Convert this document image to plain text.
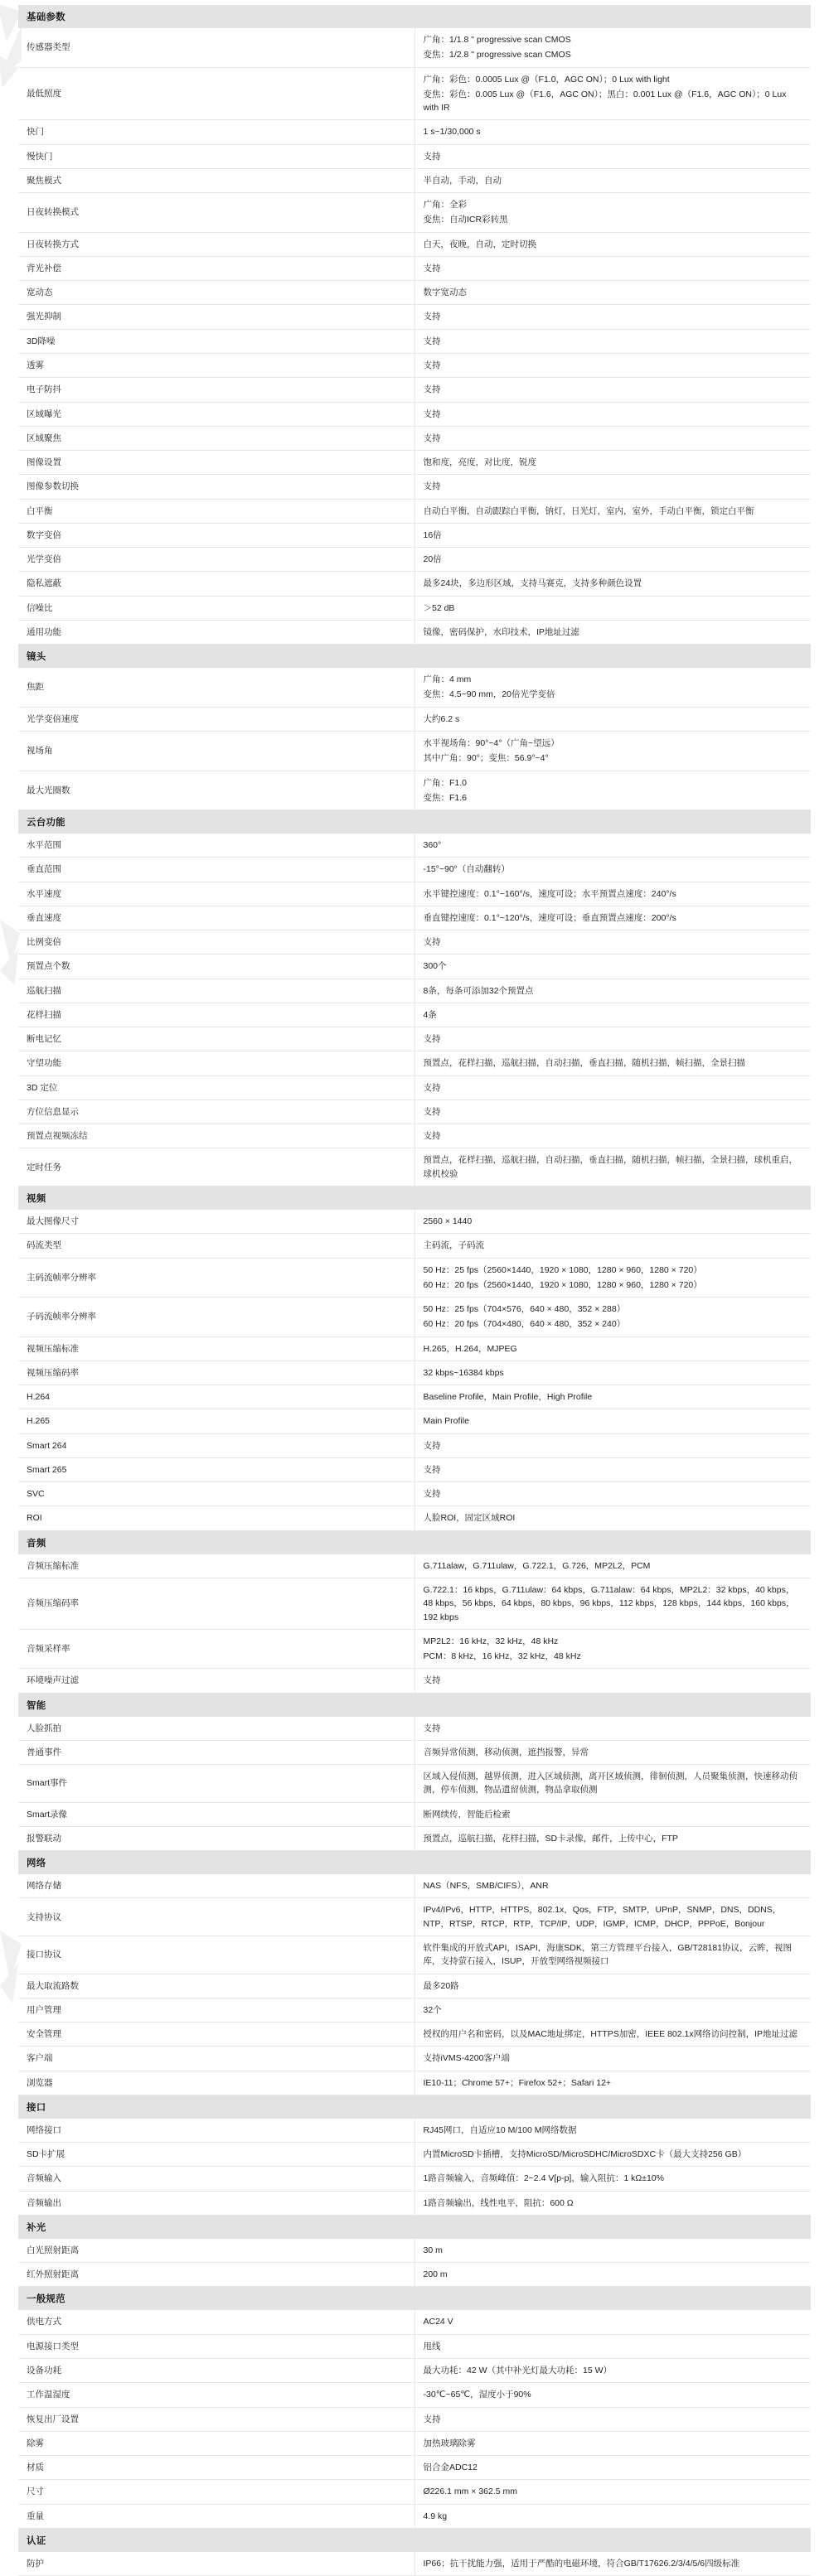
基础参数	
传感器类型	广角：1/1.8 " progressive scan CMOS
变焦：1/2.8 " progressive scan CMOS

最低照度	广角：彩色：0.0005 Lux @（F1.0，AGC ON）；0 Lux with light
变焦：彩色：0.005 Lux @（F1.6，AGC ON）；黑白：0.001 Lux @（F1.6，AGC ON）；0 Lux with IR

快门	1 s~1/30,000 s

慢快门	支持

聚焦模式	半自动，手动，自动

日夜转换模式	广角：全彩
变焦：自动ICR彩转黑

日夜转换方式	白天，夜晚，自动，定时切换

背光补偿	支持

宽动态	数字宽动态

强光抑制	支持

3D降噪	支持

透雾	支持

电子防抖	支持

区域曝光	支持

区域聚焦	支持

图像设置	饱和度，亮度，对比度，锐度

图像参数切换	支持

白平衡	自动白平衡，自动跟踪白平衡，钠灯，日光灯，室内，室外，手动白平衡，锁定白平衡

数字变倍	16倍

光学变倍	20倍

隐私遮蔽	最多24块，多边形区域，支持马赛克，支持多种颜色设置

信噪比	＞52 dB

通用功能	镜像，密码保护，水印技术，IP地址过滤

镜头	
焦距	广角：4 mm
变焦：4.5~90 mm，20倍光学变倍

光学变倍速度	大约6.2 s

视场角	水平视场角：90°~4°（广角~望远）
其中广角：90°；变焦：56.9°~4°

最大光圈数	广角：F1.0
变焦：F1.6

云台功能	
水平范围	360°

垂直范围	-15°~90°（自动翻转）

水平速度	水平键控速度：0.1°~160°/s，速度可设；水平预置点速度：240°/s

垂直速度	垂直键控速度：0.1°~120°/s，速度可设；垂直预置点速度：200°/s

比例变倍	支持

预置点个数	300个

巡航扫描	8条，每条可添加32个预置点

花样扫描	4条

断电记忆	支持

守望功能	预置点，花样扫描，巡航扫描，自动扫描，垂直扫描，随机扫描，帧扫描，全景扫描

3D 定位	支持

方位信息显示	支持

预置点视频冻结	支持

定时任务	预置点，花样扫描，巡航扫描，自动扫描，垂直扫描，随机扫描，帧扫描，全景扫描，球机重启，球机校验

视频	
最大图像尺寸	2560 × 1440

码流类型	主码流，子码流

主码流帧率分辨率	50 Hz：25 fps（2560×1440，1920 × 1080，1280 × 960，1280 × 720）
60 Hz：20 fps（2560×1440，1920 × 1080，1280 × 960，1280 × 720）

子码流帧率分辨率	50 Hz：25 fps（704×576，640 × 480，352 × 288）
60 Hz：20 fps（704×480，640 × 480，352 × 240）

视频压缩标准	H.265，H.264，MJPEG

视频压缩码率	32 kbps~16384 kbps

H.264	Baseline Profile，Main Profile，High Profile

H.265	Main Profile

Smart 264	支持

Smart 265	支持

SVC	支持

ROI	人脸ROI，固定区域ROI

音频	
音频压缩标准	G.711alaw，G.711ulaw，G.722.1，G.726，MP2L2，PCM

音频压缩码率	G.722.1：16 kbps，G.711ulaw：64 kbps，G.711alaw：64 kbps，MP2L2：32 kbps，40 kbps，48 kbps，56 kbps，64 kbps，80 kbps，96 kbps，112 kbps，128 kbps，144 kbps，160 kbps，192 kbps

音频采样率	MP2L2：16 kHz，32 kHz，48 kHz
PCM：8 kHz，16 kHz，32 kHz，48 kHz

环境噪声过滤	支持

智能	
人脸抓拍	支持

普通事件	音频异常侦测，移动侦测，遮挡报警，异常

Smart事件	区域入侵侦测，越界侦测，进入区域侦测，离开区域侦测，徘徊侦测，人员聚集侦测，快速移动侦测，停车侦测，物品遗留侦测，物品拿取侦测

Smart录像	断网续传，智能后检索

报警联动	预置点，巡航扫描，花样扫描，SD卡录像，邮件，上传中心，FTP

网络	
网络存储	NAS（NFS，SMB/CIFS），ANR

支持协议	IPv4/IPv6，HTTP，HTTPS，802.1x，Qos，FTP，SMTP，UPnP，SNMP，DNS，DDNS，NTP，RTSP，RTCP，RTP，TCP/IP，UDP，IGMP，ICMP，DHCP，PPPoE，Bonjour

接口协议	软件集成的开放式API，ISAPI，海康SDK，第三方管理平台接入，GB/T28181协议，云眸，视图库，支持萤石接入，ISUP，开放型网络视频接口

最大取流路数	最多20路

用户管理	32个

安全管理	授权的用户名和密码，以及MAC地址绑定，HTTPS加密，IEEE 802.1x网络访问控制，IP地址过滤

客户端	支持iVMS-4200客户端

浏览器	IE10-11；Chrome 57+；Firefox 52+；Safari 12+

接口	
网络接口	RJ45网口，自适应10 M/100 M网络数据

SD卡扩展	内置MicroSD卡插槽，支持MicroSD/MicroSDHC/MicroSDXC卡（最大支持256 GB）

音频输入	1路音频输入，音频峰值：2~2.4 V[p-p]，输入阻抗：1 kΩ±10%

音频输出	1路音频输出，线性电平，阻抗：600 Ω

补光	
白光照射距离	30 m

红外照射距离	200 m

一般规范	
供电方式	AC24 V

电源接口类型	甩线

设备功耗	最大功耗：42 W（其中补光灯最大功耗：15 W）

工作温湿度	-30℃~65℃，湿度小于90%

恢复出厂设置	支持

除雾	加热玻璃除雾

材质	铝合金ADC12

尺寸	Ø226.1 mm × 362.5 mm

重量	4.9 kg

认证	
防护	IP66；抗干扰能力强，适用于严酷的电磁环境，符合GB/T17626.2/3/4/5/6四级标准
